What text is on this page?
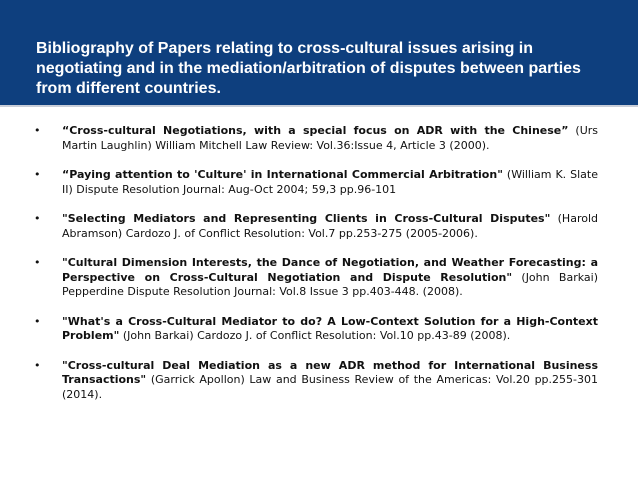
Bibliography of Papers relating to cross-cultural issues arising in negotiating and in the mediation/arbitration of disputes between parties from different countries.
• “Cross-cultural Negotiations, with a special focus on ADR with the Chinese” (Urs Martin Laughlin) William Mitchell Law Review: Vol.36:Issue 4, Article 3 (2000).
• “Paying attention to 'Culture' in International Commercial Arbitration" (William K. Slate II) Dispute Resolution Journal: Aug-Oct 2004; 59,3 pp.96-101
• "Selecting Mediators and Representing Clients in Cross-Cultural Disputes" (Harold Abramson) Cardozo J. of Conflict Resolution: Vol.7 pp.253-275 (2005-2006).
• "Cultural Dimension Interests, the Dance of Negotiation, and Weather Forecasting: a Perspective on Cross-Cultural Negotiation and Dispute Resolution" (John Barkai) Pepperdine Dispute Resolution Journal: Vol.8 Issue 3 pp.403-448. (2008).
• "What's a Cross-Cultural Mediator to do? A Low-Context Solution for a High-Context Problem" (John Barkai) Cardozo J. of Conflict Resolution: Vol.10 pp.43-89 (2008).
• "Cross-cultural Deal Mediation as a new ADR method for International Business Transactions" (Garrick Apollon) Law and Business Review of the Americas: Vol.20 pp.255-301 (2014).
